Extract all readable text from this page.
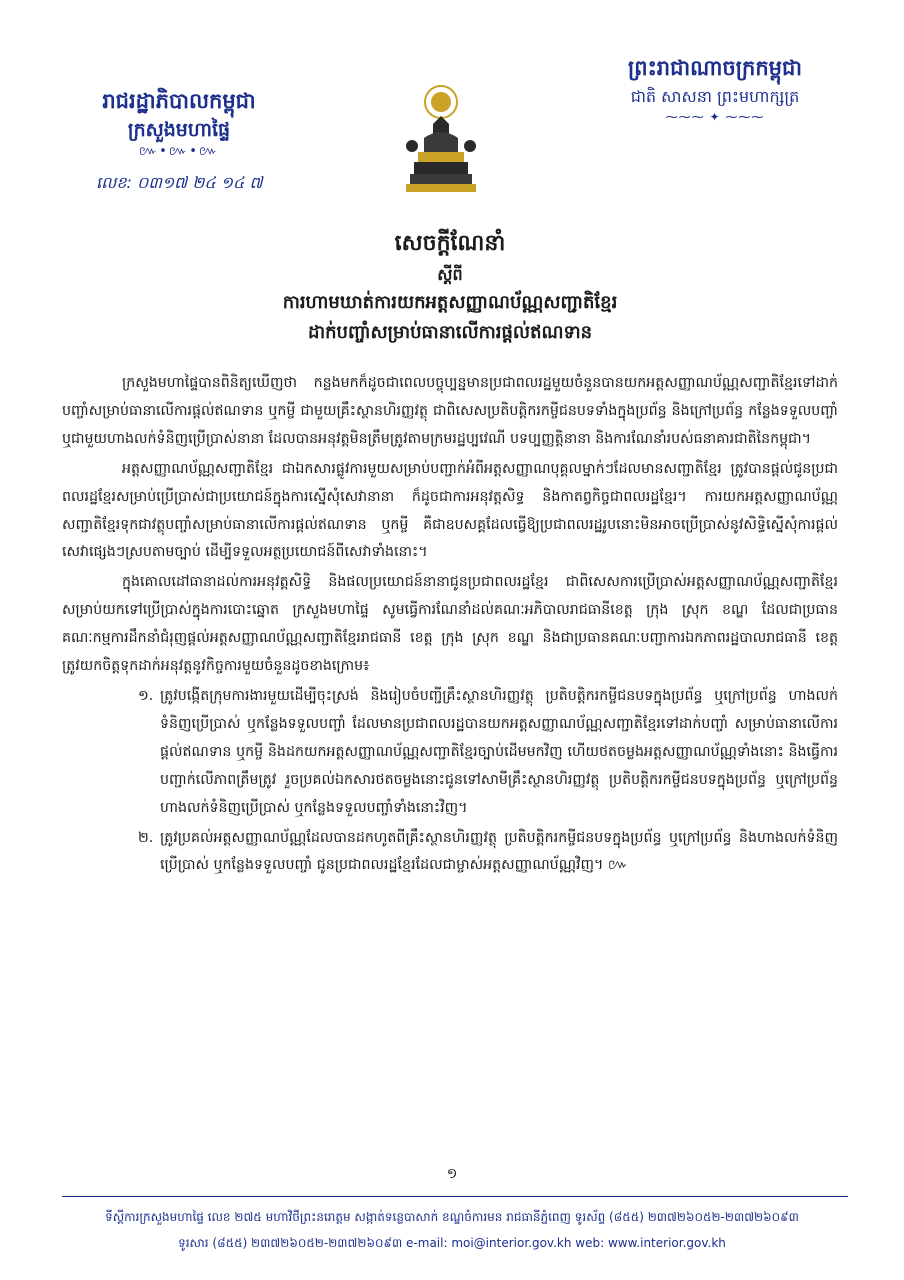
រាជរដ្ឋាភិបាលកម្ពុជា
ក្រសួងមហាផ្ទៃ
៚•៚•៚
លេខ: ០៣១៧ ២៤ ១៤ ៧
ព្រះរាជាណាចក្រកម្ពុជា
ជាតិ សាសនា ព្រះមហាក្សត្រ
⁓⁓⁓ ✦ ⁓⁓⁓
សេចក្តីណែនាំ
ស្តីពី
ការហាមឃាត់ការយកអត្តសញ្ញាណប័ណ្ណសញ្ជាតិខ្មែរ
ដាក់បញ្ចាំសម្រាប់ធានាលើការផ្តល់ឥណទាន

ក្រសួងមហាផ្ទៃបានពិនិត្យឃើញថា កន្លងមកក៏ដូចជាពេលបច្ចុប្បន្នមានប្រជាពលរដ្ឋមួយចំនួនបានយកអត្តសញ្ញាណប័ណ្ណសញ្ជាតិខ្មែរទៅដាក់បញ្ចាំសម្រាប់ធានាលើការផ្តល់ឥណទាន ឬកម្ចី ជាមួយគ្រឹះស្ថានហិរញ្ញវត្ថុ ជាពិសេសប្រតិបត្តិករកម្ចីជនបទទាំងក្នុងប្រព័ន្ធ និងក្រៅប្រព័ន្ធ កន្លែងទទួលបញ្ចាំ ឬជាមួយហាងលក់ទំនិញប្រើប្រាស់នានា ដែលបានអនុវត្តមិនត្រឹមត្រូវតាមក្រមរដ្ឋប្បវេណី បទប្បញ្ញត្តិនានា និងការណែនាំរបស់ធនាគារជាតិនៃកម្ពុជា។

អត្តសញ្ញាណប័ណ្ណសញ្ជាតិខ្មែរ ជាឯកសារផ្លូវការមួយសម្រាប់បញ្ជាក់អំពីអត្តសញ្ញាណបុគ្គលម្នាក់ៗដែលមានសញ្ជាតិខ្មែរ ត្រូវបានផ្តល់ជូនប្រជាពលរដ្ឋខ្មែរសម្រាប់ប្រើប្រាស់ជាប្រយោជន៍ក្នុងការស្នើសុំសេវានានា ក៏ដូចជាការអនុវត្តសិទ្ធ និងកាតព្វកិច្ចជាពលរដ្ឋខ្មែរ។ ការយកអត្តសញ្ញាណប័ណ្ណសញ្ជាតិខ្មែរទុកជាវត្ថុបញ្ចាំសម្រាប់ធានាលើការផ្តល់ឥណទាន ឬកម្ចី គឺជាឧបសគ្គដែលធ្វើឱ្យប្រជាពលរដ្ឋរូបនោះមិនអាចប្រើប្រាស់នូវសិទ្ធិស្នើសុំការផ្តល់សេវាផ្សេងៗស្របតាមច្បាប់ ដើម្បីទទួលអត្ថប្រយោជន៍ពីសេវាទាំងនោះ។

ក្នុងគោលដៅធានាដល់ការអនុវត្តសិទ្ធិ និងផលប្រយោជន៍នានាជូនប្រជាពលរដ្ឋខ្មែរ ជាពិសេសការប្រើប្រាស់អត្តសញ្ញាណប័ណ្ណសញ្ជាតិខ្មែរសម្រាប់យកទៅប្រើប្រាស់ក្នុងការបោះឆ្នោត ក្រសួងមហាផ្ទៃ សូមធ្វើការណែនាំដល់គណៈអភិបាលរាជធានីខេត្ត ក្រុង ស្រុក ខណ្ឌ ដែលជាប្រធានគណៈកម្មការដឹកនាំជំរុញផ្តល់អត្តសញ្ញាណប័ណ្ណសញ្ជាតិខ្មែររាជធានី ខេត្ត ក្រុង ស្រុក ខណ្ឌ និងជាប្រធានគណៈបញ្ជាការឯកភាពរដ្ឋបាលរាជធានី ខេត្ត ត្រូវយកចិត្តទុកដាក់អនុវត្តនូវកិច្ចការមួយចំនួនដូចខាងក្រោម៖

១. ត្រូវបង្កើតក្រុមការងារមួយដើម្បីចុះស្រង់ និងរៀបចំបញ្ជីគ្រឹះស្ថានហិរញ្ញវត្ថុ ប្រតិបត្តិករកម្ចីជនបទក្នុងប្រព័ន្ធ ឬក្រៅប្រព័ន្ធ ហាងលក់ទំនិញប្រើប្រាស់ ឬកន្លែងទទួលបញ្ចាំ ដែលមានប្រជាពលរដ្ឋបានយកអត្តសញ្ញាណប័ណ្ណសញ្ជាតិខ្មែរទៅដាក់បញ្ចាំ សម្រាប់ធានាលើការផ្តល់ឥណទាន ឬកម្ចី និងដកយកអត្តសញ្ញាណប័ណ្ណសញ្ជាតិខ្មែរច្បាប់ដើមមកវិញ ហើយថតចម្លងអត្តសញ្ញាណប័ណ្ណទាំងនោះ និងធ្វើការបញ្ជាក់លើភាពត្រឹមត្រូវ រួចប្រគល់ឯកសារថតចម្លងនោះជូនទៅសាមីគ្រឹះស្ថានហិរញ្ញវត្ថុ ប្រតិបត្តិករកម្ចីជនបទក្នុងប្រព័ន្ធ ឬក្រៅប្រព័ន្ធ ហាងលក់ទំនិញប្រើប្រាស់ ឬកន្លែងទទួលបញ្ចាំទាំងនោះវិញ។
២. ត្រូវប្រគល់អត្តសញ្ញាណប័ណ្ណដែលបានដកហូតពីគ្រឹះស្ថានហិរញ្ញវត្ថុ ប្រតិបត្តិករកម្ចីជនបទក្នុងប្រព័ន្ធ ឬក្រៅប្រព័ន្ធ និងហាងលក់ទំនិញប្រើប្រាស់ ឬកន្លែងទទួលបញ្ចាំ ជូនប្រជាពលរដ្ឋខ្មែរដែលជាម្ចាស់អត្តសញ្ញាណប័ណ្ណវិញ។ ៚
១
ទីស្តីការក្រសួងមហាផ្ទៃ លេខ ២៧៥ មហាវិថីព្រះនរោត្តម សង្កាត់ទន្លេបាសាក់ ខណ្ឌចំការមន រាជធានីភ្នំពេញ ទូរស័ព្ទ (៨៥៥) ២៣៧២៦០៥២-២៣៧២៦០៩៣
ទូរសារ (៨៥៥) ២៣៧២៦០៥២-២៣៧២៦០៩៣ e-mail: moi@interior.gov.kh web: www.interior.gov.kh
